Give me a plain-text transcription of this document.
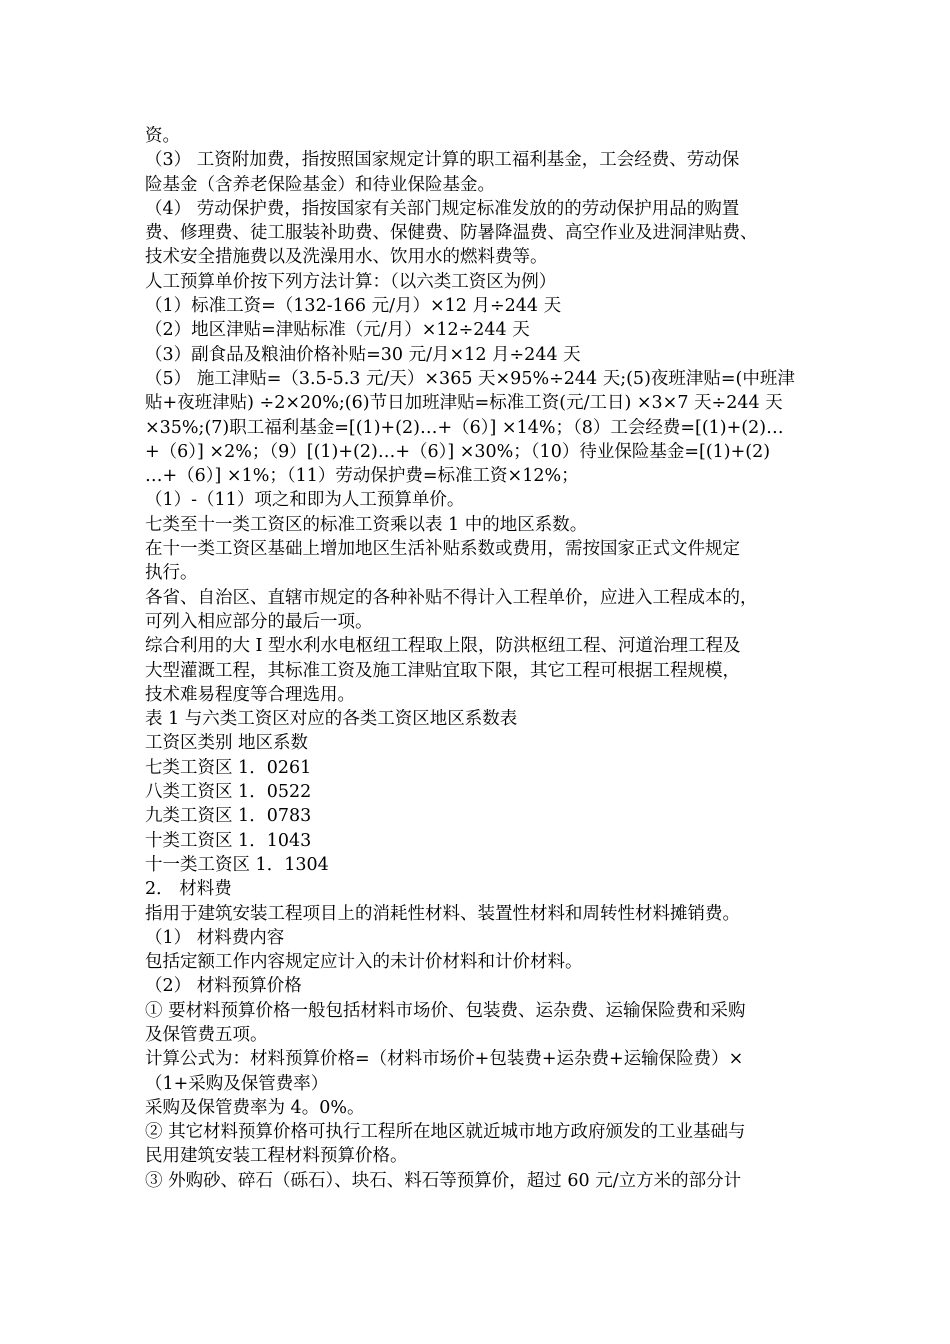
资。
（3） 工资附加费，指按照国家规定计算的职工福利基金，工会经费、劳动保
险基金（含养老保险基金）和待业保险基金。
（4） 劳动保护费，指按国家有关部门规定标准发放的的劳动保护用品的购置
费、修理费、徒工服装补助费、保健费、防暑降温费、高空作业及进洞津贴费、
技术安全措施费以及洗澡用水、饮用水的燃料费等。
人工预算单价按下列方法计算：（以六类工资区为例）
（1）标准工资=（132-166 元/月）×12 月÷244 天
（2）地区津贴=津贴标准（元/月）×12÷244 天
（3）副食品及粮油价格补贴=30 元/月×12 月÷244 天
（5） 施工津贴=（3.5-5.3 元/天）×365 天×95%÷244 天;(5)夜班津贴=(中班津
贴+夜班津贴) ÷2×20%;(6)节日加班津贴=标准工资(元/工日) ×3×7 天÷244 天
×35%;(7)职工福利基金=[(1)+(2)…+（6）] ×14%；（8）工会经费=[(1)+(2)…
+（6）] ×2%；（9）[(1)+(2)…+（6）] ×30%；（10）待业保险基金=[(1)+(2)
…+（6）] ×1%；（11）劳动保护费=标准工资×12%；
（1）-（11）项之和即为人工预算单价。
七类至十一类工资区的标准工资乘以表 1 中的地区系数。
在十一类工资区基础上增加地区生活补贴系数或费用，需按国家正式文件规定
执行。
各省、自治区、直辖市规定的各种补贴不得计入工程单价，应进入工程成本的，
可列入相应部分的最后一项。
综合利用的大 I 型水利水电枢纽工程取上限，防洪枢纽工程、河道治理工程及
大型灌溉工程，其标准工资及施工津贴宜取下限，其它工程可根据工程规模，
技术难易程度等合理选用。
表 1 与六类工资区对应的各类工资区地区系数表
工资区类别 地区系数
七类工资区 1．0261
八类工资区 1．0522
九类工资区 1．0783
十类工资区 1．1043
十一类工资区 1．1304
2． 材料费
指用于建筑安装工程项目上的消耗性材料、装置性材料和周转性材料摊销费。
（1） 材料费内容
包括定额工作内容规定应计入的未计价材料和计价材料。
（2） 材料预算价格
① 要材料预算价格一般包括材料市场价、包装费、运杂费、运输保险费和采购
及保管费五项。
计算公式为：材料预算价格=（材料市场价+包装费+运杂费+运输保险费）×
（1+采购及保管费率）
采购及保管费率为 4。0%。
② 其它材料预算价格可执行工程所在地区就近城市地方政府颁发的工业基础与
民用建筑安装工程材料预算价格。
③ 外购砂、碎石（砾石）、块石、料石等预算价，超过 60 元/立方米的部分计
